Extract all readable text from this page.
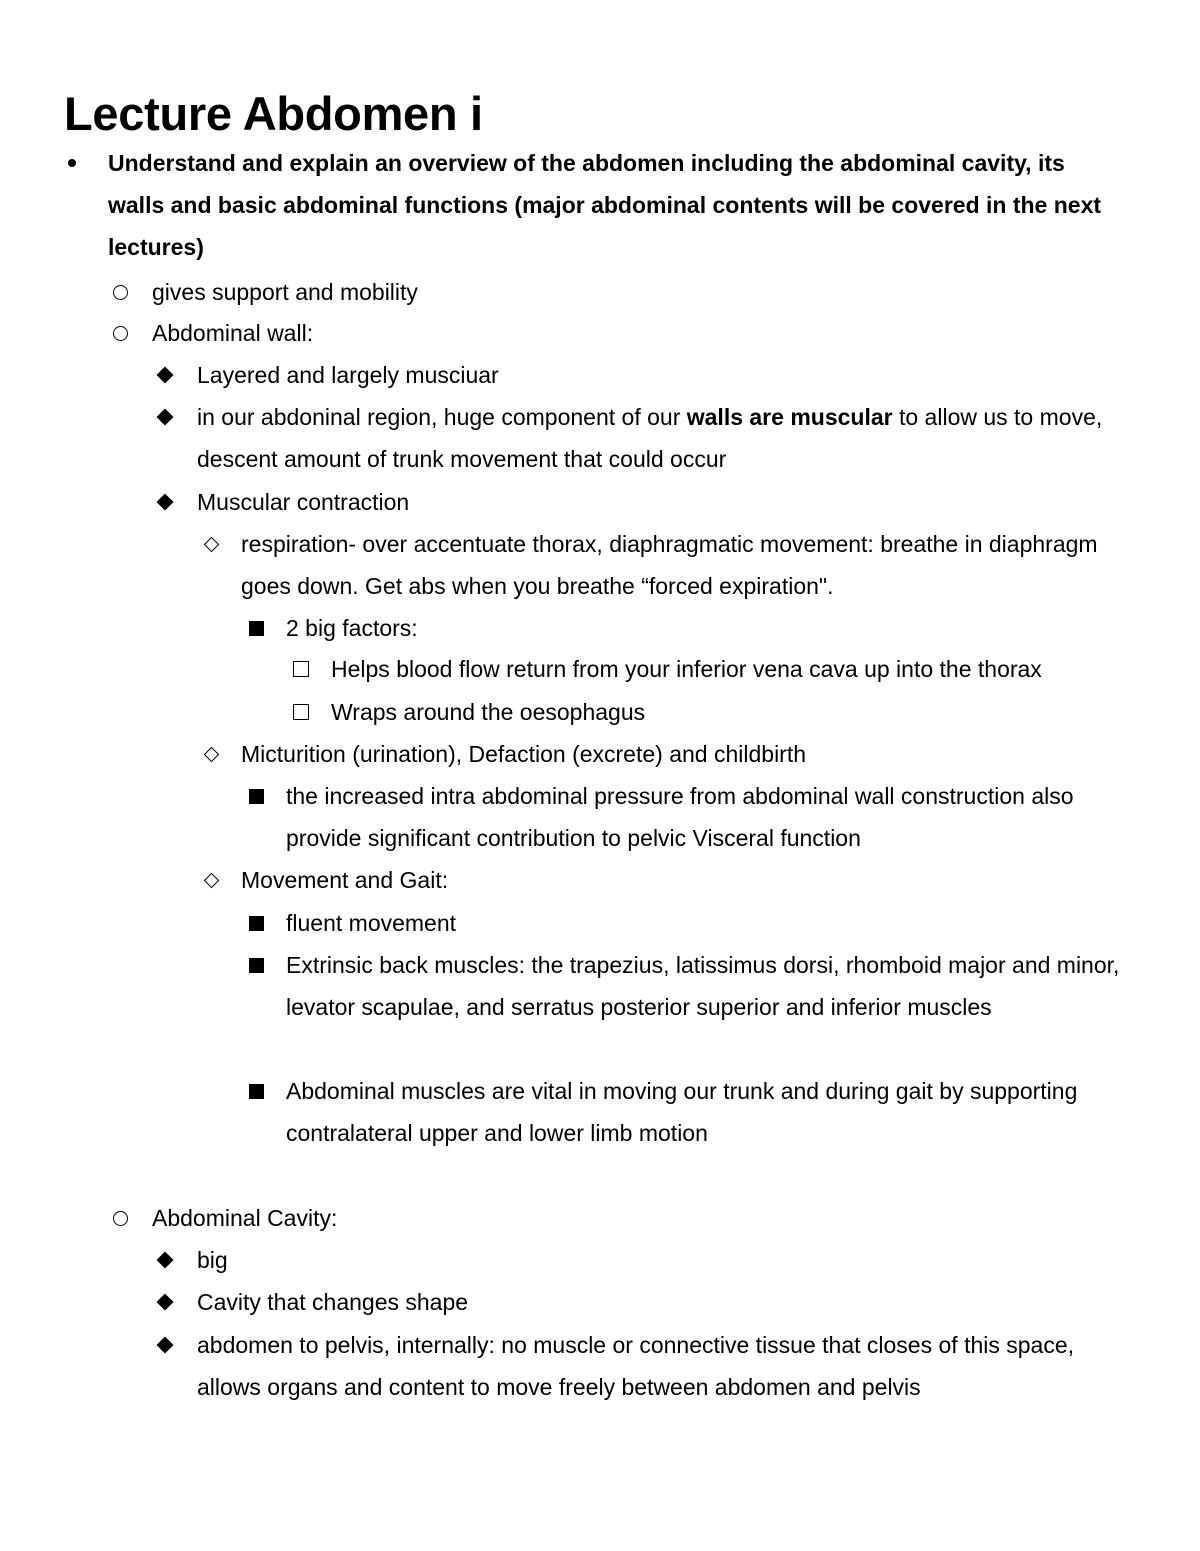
Lecture Abdomen i
Understand and explain an overview of the abdomen including the abdominal cavity, its walls and basic abdominal functions (major abdominal contents will be covered in the next lectures)
gives support and mobility
Abdominal wall:
Layered and largely musciuar
in our abdoninal region, huge component of our walls are muscular to allow us to move, descent amount of trunk movement that could occur
Muscular contraction
respiration- over accentuate thorax, diaphragmatic movement: breathe in diaphragm goes down. Get abs when you breathe “forced expiration".
2 big factors:
Helps blood flow return from your inferior vena cava up into the thorax
Wraps around the oesophagus
Micturition (urination), Defaction (excrete) and childbirth
the increased intra abdominal pressure from abdominal wall construction also provide significant contribution to pelvic Visceral function
Movement and Gait:
fluent movement
Extrinsic back muscles: the trapezius, latissimus dorsi, rhomboid major and minor, levator scapulae, and serratus posterior superior and inferior muscles
Abdominal muscles are vital in moving our trunk and during gait by supporting contralateral upper and lower limb motion
Abdominal Cavity:
big
Cavity that changes shape
abdomen to pelvis, internally: no muscle or connective tissue that closes of this space, allows organs and content to move freely between abdomen and pelvis
